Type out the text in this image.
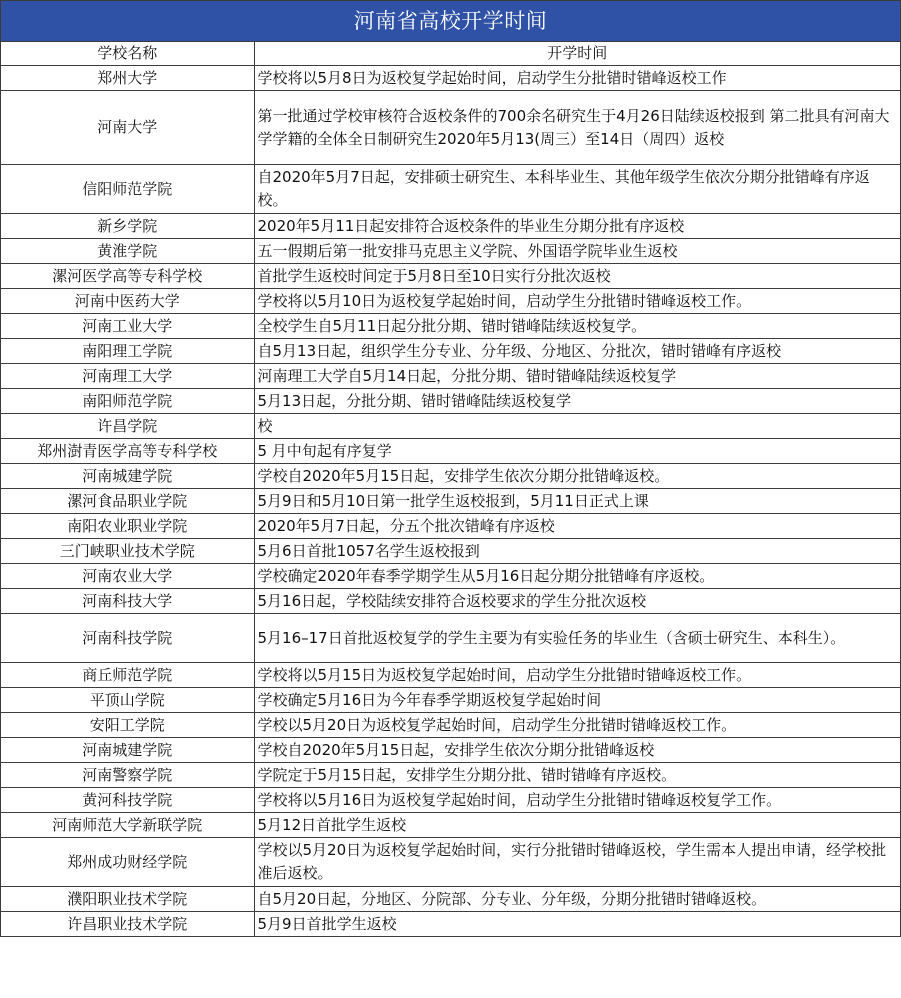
河南省高校开学时间
学校名称	开学时间
郑州大学	学校将以5月8日为返校复学起始时间，启动学生分批错时错峰返校工作
河南大学	第一批通过学校审核符合返校条件的700余名研究生于4月26日陆续返校报到 第二批具有河南大学学籍的全体全日制研究生2020年5月13(周三）至14日（周四）返校
信阳师范学院	自2020年5月7日起，安排硕士研究生、本科毕业生、其他年级学生依次分期分批错峰有序返校。
新乡学院	2020年5月11日起安排符合返校条件的毕业生分期分批有序返校
黄淮学院	五一假期后第一批安排马克思主义学院、外国语学院毕业生返校
漯河医学高等专科学校	首批学生返校时间定于5月8日至10日实行分批次返校
河南中医药大学	学校将以5月10日为返校复学起始时间，启动学生分批错时错峰返校工作。
河南工业大学	全校学生自5月11日起分批分期、错时错峰陆续返校复学。
南阳理工学院	自5月13日起，组织学生分专业、分年级、分地区、分批次，错时错峰有序返校
河南理工大学	河南理工大学自5月14日起，分批分期、错时错峰陆续返校复学
南阳师范学院	5月13日起，分批分期、错时错峰陆续返校复学
许昌学院	校
郑州澍青医学高等专科学校	5 月中旬起有序复学
河南城建学院	学校自2020年5月15日起，安排学生依次分期分批错峰返校。
漯河食品职业学院	5月9日和5月10日第一批学生返校报到，5月11日正式上课
南阳农业职业学院	2020年5月7日起，分五个批次错峰有序返校
三门峡职业技术学院	5月6日首批1057名学生返校报到
河南农业大学	学校确定2020年春季学期学生从5月16日起分期分批错峰有序返校。
河南科技大学	5月16日起，学校陆续安排符合返校要求的学生分批次返校
河南科技学院	5月16–17日首批返校复学的学生主要为有实验任务的毕业生（含硕士研究生、本科生）。
商丘师范学院	学校将以5月15日为返校复学起始时间，启动学生分批错时错峰返校工作。
平顶山学院	学校确定5月16日为今年春季学期返校复学起始时间
安阳工学院	学校以5月20日为返校复学起始时间，启动学生分批错时错峰返校工作。
河南城建学院	学校自2020年5月15日起，安排学生依次分期分批错峰返校
河南警察学院	学院定于5月15日起，安排学生分期分批、错时错峰有序返校。
黄河科技学院	学校将以5月16日为返校复学起始时间，启动学生分批错时错峰返校复学工作。
河南师范大学新联学院	5月12日首批学生返校
郑州成功财经学院	学校以5月20日为返校复学起始时间，实行分批错时错峰返校，学生需本人提出申请，经学校批准后返校。
濮阳职业技术学院	自5月20日起，分地区、分院部、分专业、分年级，分期分批错时错峰返校。
许昌职业技术学院	5月9日首批学生返校
